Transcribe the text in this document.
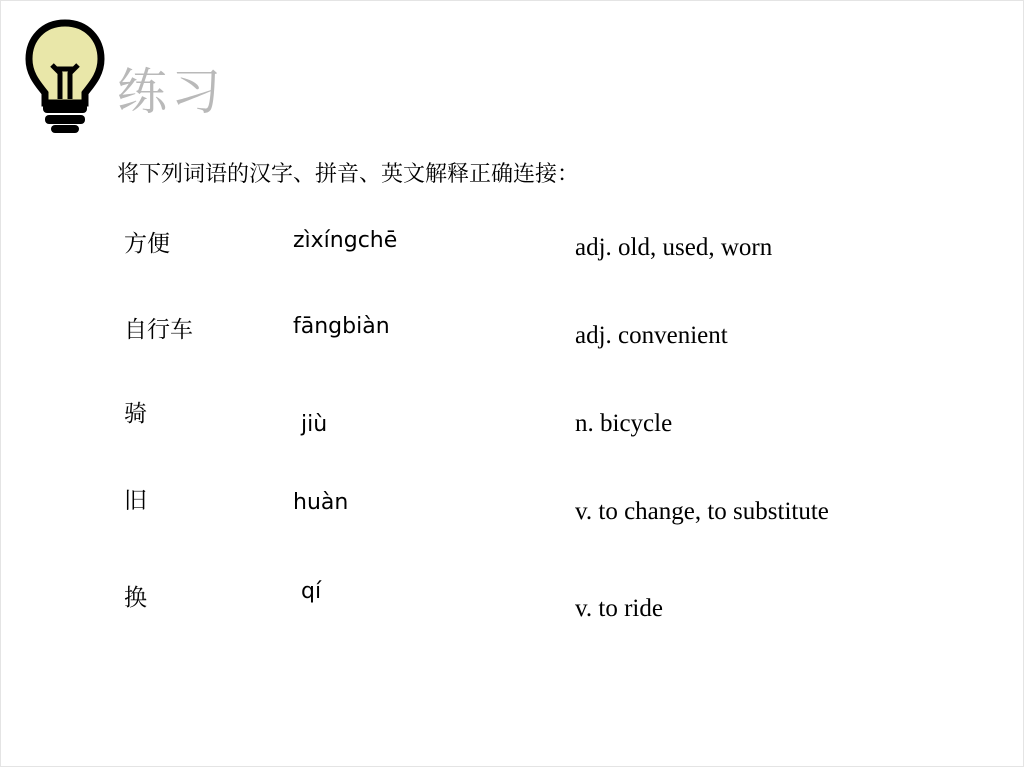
练习
将下列词语的汉字、拼音、英文解释正确连接：
方便
自行车
骑
旧
换
zìxíngchē
fāngbiàn
jiù
huàn
qí
adj. old, used, worn
adj. convenient
n. bicycle
v. to change, to substitute
v. to ride
